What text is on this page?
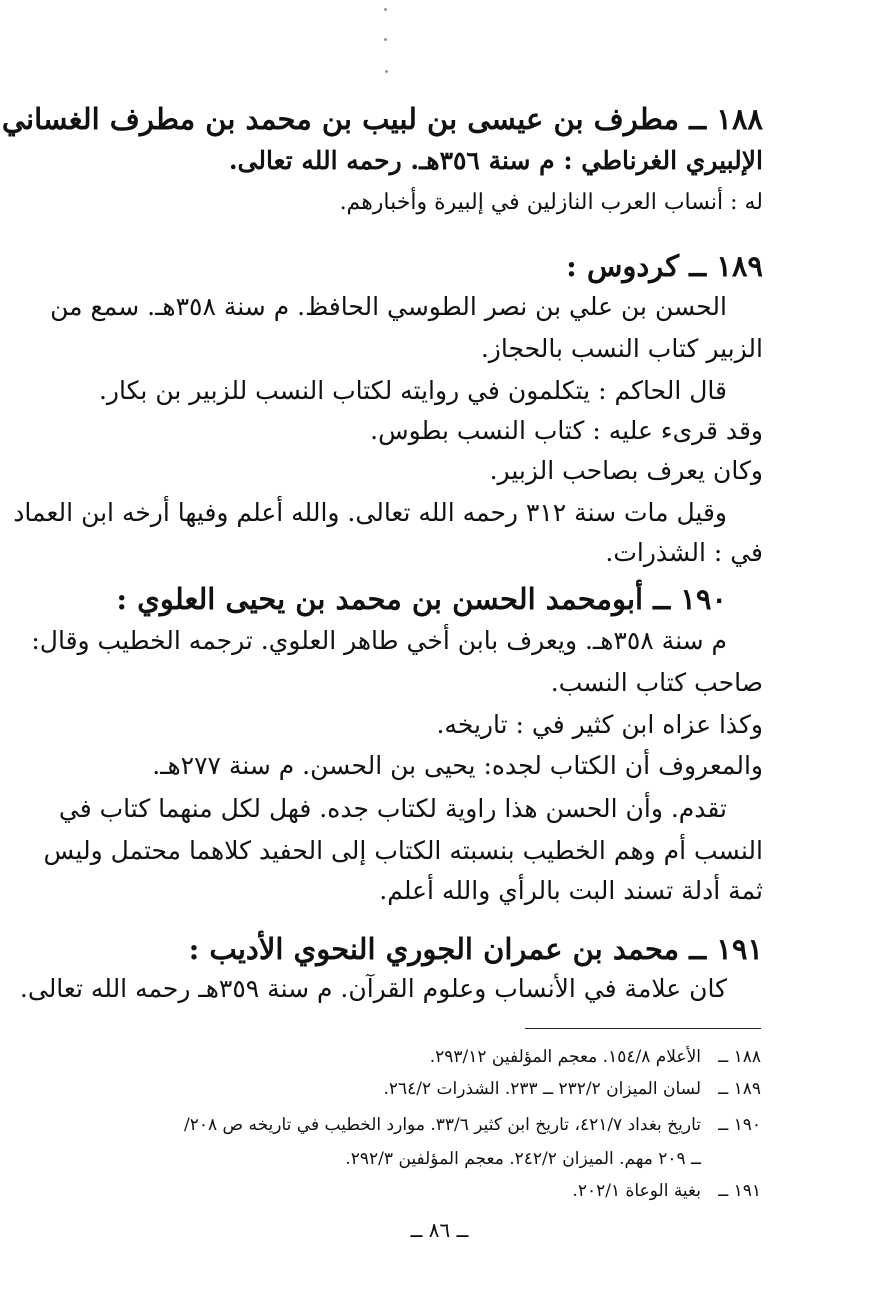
١٨٨ ــ مطرف بن عيسى بن لبيب بن محمد بن مطرف الغساني
الإلبيري الغرناطي : م سنة ٣٥٦هـ. رحمه الله تعالى.
له : أنساب العرب النازلين في إلبيرة وأخبارهم.
١٨٩ ــ كردوس :
الحسن بن علي بن نصر الطوسي الحافظ. م سنة ٣٥٨هـ. سمع من
الزبير كتاب النسب بالحجاز.
قال الحاكم : يتكلمون في روايته لكتاب النسب للزبير بن بكار.
وقد قرىء عليه : كتاب النسب بطوس.
وكان يعرف بصاحب الزبير.
وقيل مات سنة ٣١٢ رحمه الله تعالى. والله أعلم وفيها أرخه ابن العماد
في : الشذرات.
١٩٠ ــ أبومحمد الحسن بن محمد بن يحيى العلوي :
م سنة ٣٥٨هـ. ويعرف بابن أخي طاهر العلوي. ترجمه الخطيب وقال:
صاحب كتاب النسب.
وكذا عزاه ابن كثير في : تاريخه.
والمعروف أن الكتاب لجده: يحيى بن الحسن. م سنة ٢٧٧هـ.
تقدم. وأن الحسن هذا راوية لكتاب جده. فهل لكل منهما كتاب في
النسب أم وهم الخطيب بنسبته الكتاب إلى الحفيد كلاهما محتمل وليس
ثمة أدلة تسند البت بالرأي والله أعلم.
١٩١ ــ محمد بن عمران الجوري النحوي الأديب :
كان علامة في الأنساب وعلوم القرآن. م سنة ٣٥٩هـ رحمه الله تعالى.
١٨٨ ــ
الأعلام ١٥٤/٨. معجم المؤلفين ٢٩٣/١٢.
١٨٩ ــ
لسان الميزان ٢٣٢/٢ ــ ٢٣٣. الشذرات ٢٦٤/٢.
١٩٠ ــ
تاريخ بغداد ٤٢١/٧، تاريخ ابن كثير ٣٣/٦. موارد الخطيب في تاريخه ص ٢٠٨/
ــ ٢٠٩ مهم. الميزان ٢٤٢/٢. معجم المؤلفين ٢٩٢/٣.
١٩١ ــ
بغية الوعاة ٢٠٢/١.
ــ ٨٦ ــ
